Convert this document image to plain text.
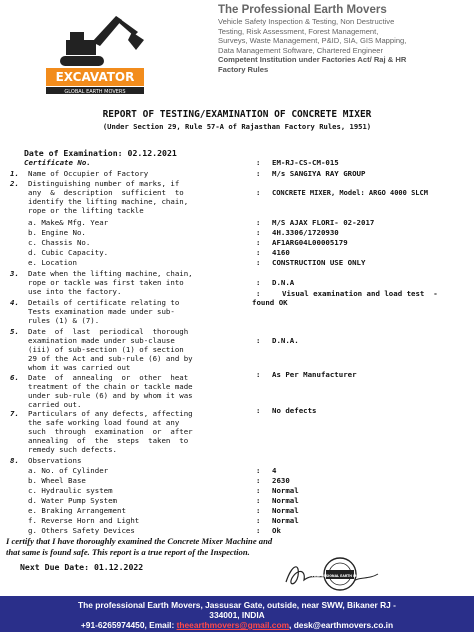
EXCAVATOR
GLOBAL EARTH MOVERS
The Professional Earth Movers
Vehicle Safety Inspection & Testing, Non Destructive
Testing, Risk Assessment, Forest Management,
Surveys, Waste Management, P&ID, SIA, GIS Mapping,
Data Management Software, Chartered Engineer
Competent Institution under Factories Act/ Raj & HR
Factory Rules
REPORT OF TESTING/EXAMINATION OF CONCRETE MIXER
(Under Section 29, Rule 57-A of Rajasthan Factory Rules, 1951)
Date of Examination: 02.12.2021
Certificate No.	: EM-RJ-CS-CM-015
1. Name of Occupier of Factory	: M/s SANGIYA RAY GROUP
2. Distinguishing number of marks, if
any  &  description  sufficient  to
identify the lifting machine, chain,
rope or the lifting tackle
: CONCRETE MIXER, Model: ARGO 4000 SLCM
a. Make& Mfg. Year	: M/S AJAX FLORI- 02-2017
b. Engine No.	: 4H.3306/1720930
c. Chassis No.	: AF1ARG04L00005179
d. Cubic Capacity.	: 4160
e. Location	: CONSTRUCTION USE ONLY
3. Date when the lifting machine, chain,
rope or tackle was first taken into
use into the factory.
: D.N.A
4. Details of certificate relating to
Tests examination made under sub-
rules (1) & (7).
:	Visual examination and load test  -
found OK
5. Date  of  last  periodical  thorough
examination made under sub-clause
(iii) of sub-section (1) of section
29 of the Act and sub-rule (6) and by
whom it was carried out
: D.N.A.
6. Date  of  annealing  or  other  heat
treatment of the chain or tackle made
under sub-rule (6) and by whom it was
carried out.
: As Per Manufacturer
7. Particulars of any defects, affecting
the safe working load found at any
such  through  examination  or  after
annealing  of  the  steps  taken  to
remedy such defects.
: No defects
8. Observations
a. No. of Cylinder	: 4
b. Wheel Base	: 2630
c. Hydraulic system	: Normal
d. Water Pump System	: Normal
e. Braking Arrangement	: Normal
f. Reverse Horn and Light	: Normal
g. Others Safety Devices	: Ok
I certify that I have thoroughly examined the Concrete Mixer Machine and
that same is found safe. This report is a true report of the Inspection.
PROFESSIONAL EARTH MOVERS
Next Due Date: 01.12.2022
The professional Earth Movers, Jassusar Gate, outside, near SWW, Bikaner RJ -
334001, INDIA
+91-6265974450, Email: theearthmovers@gmail.com, desk@earthmovers.co.in
